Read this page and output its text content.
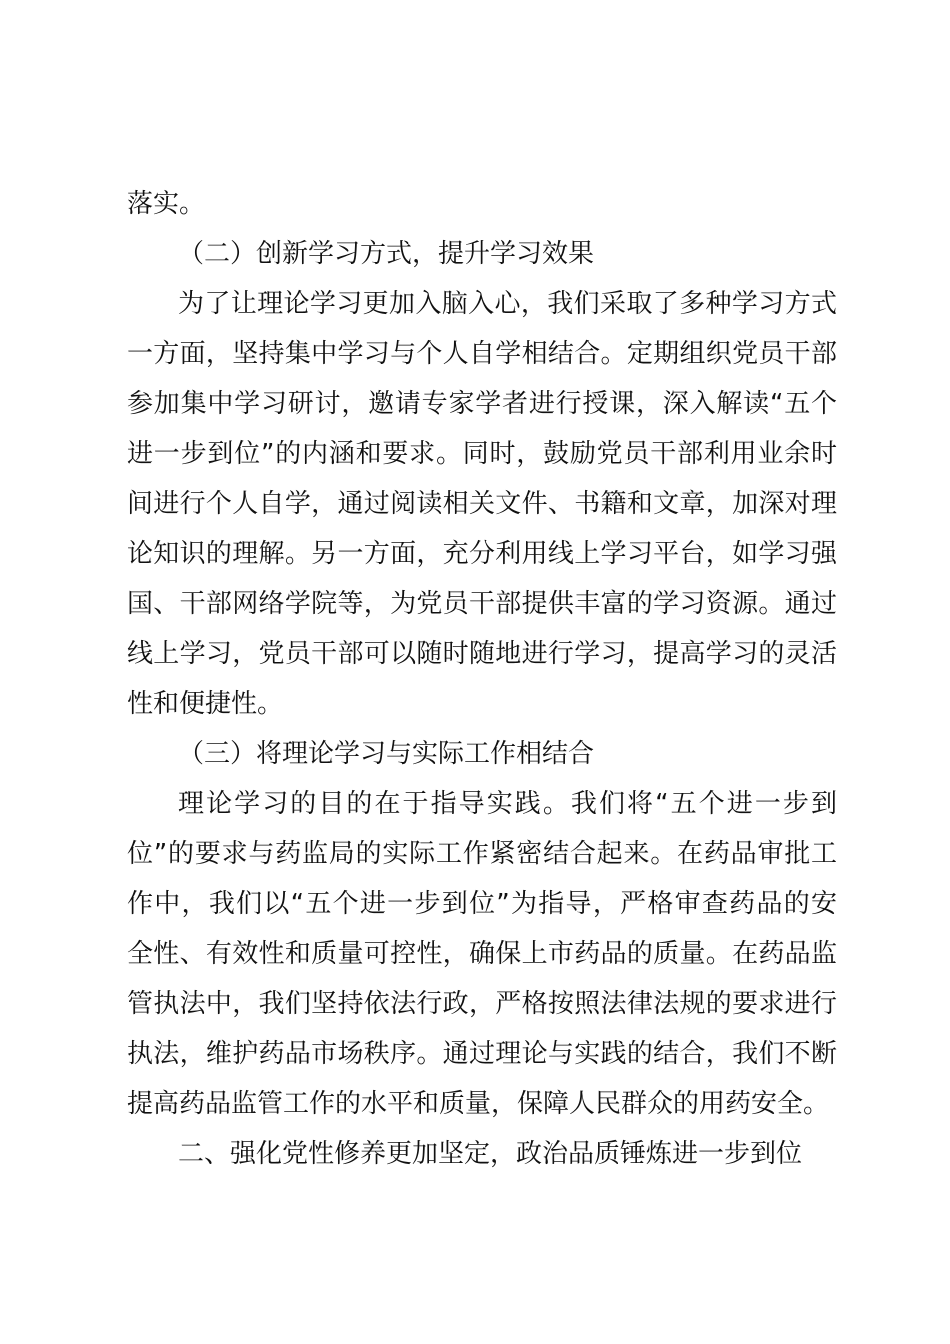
落实。
（二）创新学习方式，提升学习效果
为了让理论学习更加入脑入心，我们采取了多种学习方式
一方面，坚持集中学习与个人自学相结合。定期组织党员干部
参加集中学习研讨，邀请专家学者进行授课，深入解读“五个
进一步到位”的内涵和要求。同时，鼓励党员干部利用业余时
间进行个人自学，通过阅读相关文件、书籍和文章，加深对理
论知识的理解。另一方面，充分利用线上学习平台，如学习强
国、干部网络学院等，为党员干部提供丰富的学习资源。通过
线上学习，党员干部可以随时随地进行学习，提高学习的灵活
性和便捷性。
（三）将理论学习与实际工作相结合
理论学习的目的在于指导实践。我们将“五个进一步到
位”的要求与药监局的实际工作紧密结合起来。在药品审批工
作中，我们以“五个进一步到位”为指导，严格审查药品的安
全性、有效性和质量可控性，确保上市药品的质量。在药品监
管执法中，我们坚持依法行政，严格按照法律法规的要求进行
执法，维护药品市场秩序。通过理论与实践的结合，我们不断
提高药品监管工作的水平和质量，保障人民群众的用药安全。
二、强化党性修养更加坚定，政治品质锤炼进一步到位
